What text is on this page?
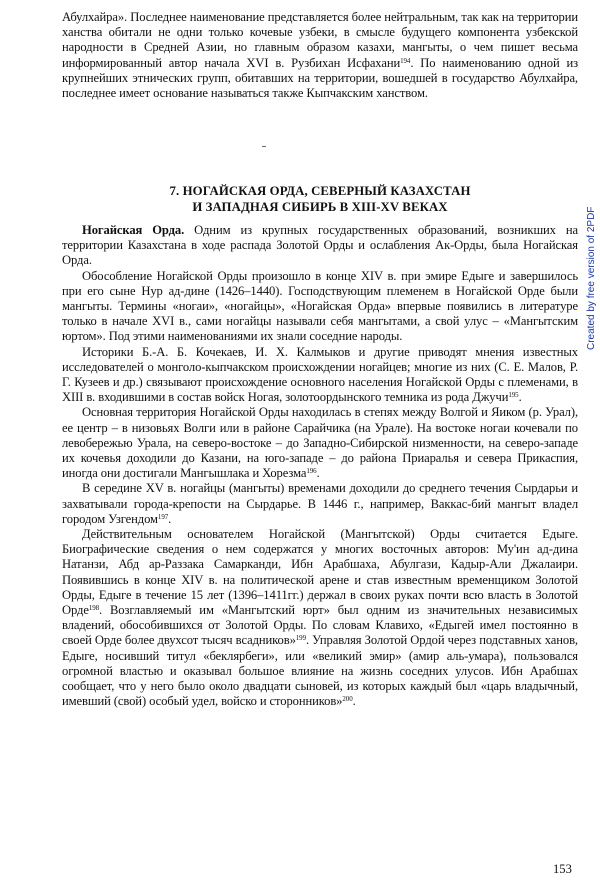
Абулхайра». Последнее наименование представляется более нейтральным, так как на территории ханства обитали не одни только кочевые узбеки, в смысле будущего компонента узбекской народности в Средней Азии, но главным образом казахи, мангыты, о чем пишет весьма информированный автор начала XVI в. Рузбихан Исфахани$^{194}$. По наименованию одной из крупнейших этнических групп, обитавших на территории, вошедшей в государство Абулхайра, последнее имеет основание называться также Кыпчакским ханством.

7. НОГАЙСКАЯ ОРДА, СЕВЕРНЫЙ КАЗАХСТАН
И ЗАПАДНАЯ СИБИРЬ В XIII-XV ВЕКАХ

Ногайская Орда. Одним из крупных государственных образований, возникших на территории Казахстана в ходе распада Золотой Орды и ослабления Ак-Орды, была Ногайская Орда.

Обособление Ногайской Орды произошло в конце XIV в. при эмире Едыге и завершилось при его сыне Нур ад-дине (1426–1440). Господствующим племенем в Ногайской Орде были мангыты. Термины «ногаи», «ногайцы», «Ногайская Орда» впервые появились в литературе только в начале XVI в., сами ногайцы называли себя мангытами, а свой улус – «Мангытским юртом». Под этими наименованиями их знали соседние народы.

Историки Б.-А. Б. Кочекаев, И. Х. Калмыков и другие приводят мнения известных исследователей о монголо-кыпчакском происхождении ногайцев; многие из них (С. Е. Малов, Р. Г. Кузеев и др.) связывают происхождение основного населения Ногайской Орды с племенами, в XIII в. входившими в состав войск Ногая, золотоордынского темника из рода Джучи$^{195}$.

Основная территория Ногайской Орды находилась в степях между Волгой и Яиком (р. Урал), ее центр – в низовьях Волги или в районе Сарайчика (на Урале). На востоке ногаи кочевали по левобережью Урала, на северо-востоке – до Западно-Сибирской низменности, на северо-западе их кочевья доходили до Казани, на юго-западе – до района Приаралья и севера Прикаспия, иногда они достигали Мангышлака и Хорезма$^{196}$.

В середине XV в. ногайцы (мангыты) временами доходили до среднего течения Сырдарьи и захватывали города-крепости на Сырдарье. В 1446 г., например, Ваккас-бий мангыт владел городом Узгендом$^{197}$.

Действительным основателем Ногайской (Мангытской) Орды считается Едыге. Биографические сведения о нем содержатся у многих восточных авторов: Му'ин ад-дина Натанзи, Абд ар-Раззака Самарканди, Ибн Арабшаха, Абулгази, Кадыр-Али Джалаири. Появившись в конце XIV в. на политической арене и став известным временщиком Золотой Орды, Едыге в течение 15 лет (1396–1411гг.) держал в своих руках почти всю власть в Золотой Орде$^{198}$. Возглавляемый им «Мангытский юрт» был одним из значительных независимых владений, обособившихся от Золотой Орды. По словам Клавихо, «Едыгей имел постоянно в своей Орде более двухсот тысяч всадников»$^{199}$. Управляя Золотой Ордой через подставных ханов, Едыге, носивший титул «беклярбеги», или «великий эмир» (амир аль-умара), пользовался огромной властью и оказывал большое влияние на жизнь соседних улусов. Ибн Арабшах сообщает, что у него было около двадцати сыновей, из которых каждый был «царь владычный, имевший (свой) особый удел, войско и сторонников»$^{200}$.

Created by free version of 2PDF
153
